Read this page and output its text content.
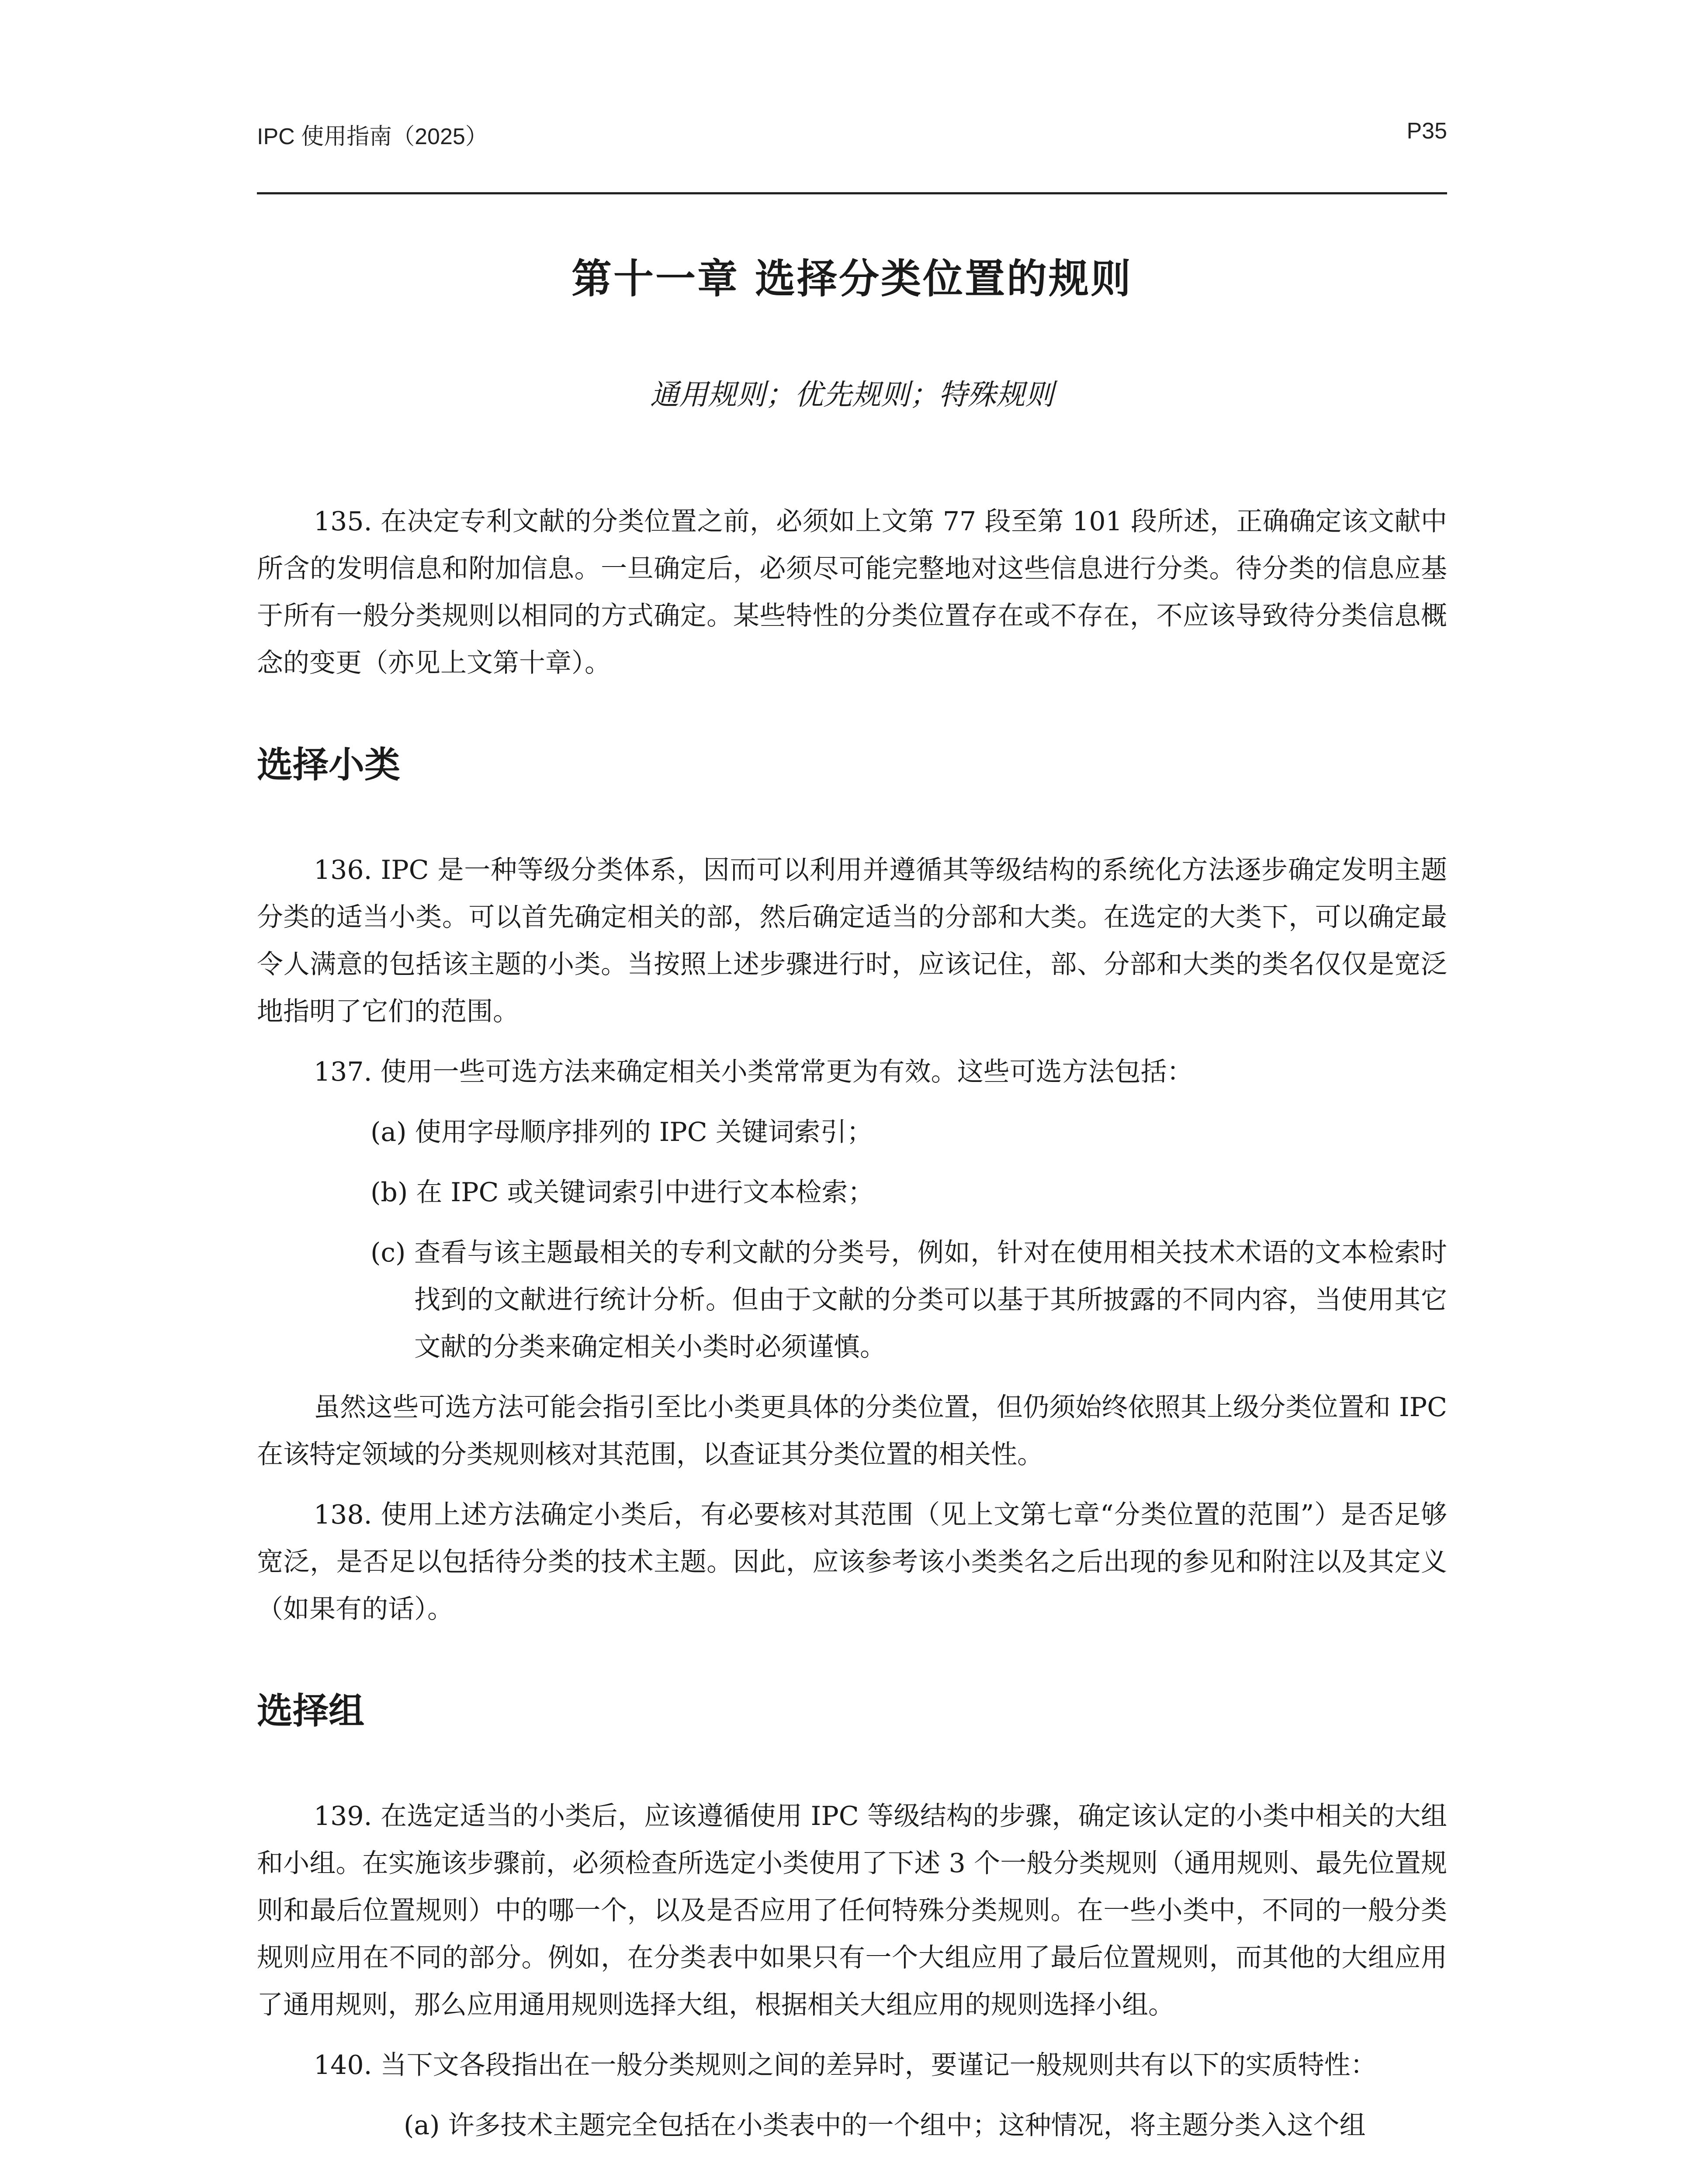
IPC 使用指南（2025）	P35
第十一章 选择分类位置的规则
通用规则；优先规则；特殊规则

135. 在决定专利文献的分类位置之前，必须如上文第 77 段至第 101 段所述，正确确定该文献中所含的发明信息和附加信息。一旦确定后，必须尽可能完整地对这些信息进行分类。待分类的信息应基于所有一般分类规则以相同的方式确定。某些特性的分类位置存在或不存在，不应该导致待分类信息概念的变更（亦见上文第十章）。

选择小类

136. IPC 是一种等级分类体系，因而可以利用并遵循其等级结构的系统化方法逐步确定发明主题分类的适当小类。可以首先确定相关的部，然后确定适当的分部和大类。在选定的大类下，可以确定最令人满意的包括该主题的小类。当按照上述步骤进行时，应该记住，部、分部和大类的类名仅仅是宽泛地指明了它们的范围。

137. 使用一些可选方法来确定相关小类常常更为有效。这些可选方法包括：

(a) 使用字母顺序排列的 IPC 关键词索引；

(b) 在 IPC 或关键词索引中进行文本检索；

(c) 查看与该主题最相关的专利文献的分类号，例如，针对在使用相关技术术语的文本检索时找到的文献进行统计分析。但由于文献的分类可以基于其所披露的不同内容，当使用其它文献的分类来确定相关小类时必须谨慎。

虽然这些可选方法可能会指引至比小类更具体的分类位置，但仍须始终依照其上级分类位置和 IPC 在该特定领域的分类规则核对其范围，以查证其分类位置的相关性。

138. 使用上述方法确定小类后，有必要核对其范围（见上文第七章“分类位置的范围”）是否足够宽泛，是否足以包括待分类的技术主题。因此，应该参考该小类类名之后出现的参见和附注以及其定义（如果有的话）。

选择组

139. 在选定适当的小类后，应该遵循使用 IPC 等级结构的步骤，确定该认定的小类中相关的大组和小组。在实施该步骤前，必须检查所选定小类使用了下述 3 个一般分类规则（通用规则、最先位置规则和最后位置规则）中的哪一个，以及是否应用了任何特殊分类规则。在一些小类中，不同的一般分类规则应用在不同的部分。例如，在分类表中如果只有一个大组应用了最后位置规则，而其他的大组应用了通用规则，那么应用通用规则选择大组，根据相关大组应用的规则选择小组。

140. 当下文各段指出在一般分类规则之间的差异时，要谨记一般规则共有以下的实质特性：

(a) 许多技术主题完全包括在小类表中的一个组中；这种情况，将主题分类入这个组
